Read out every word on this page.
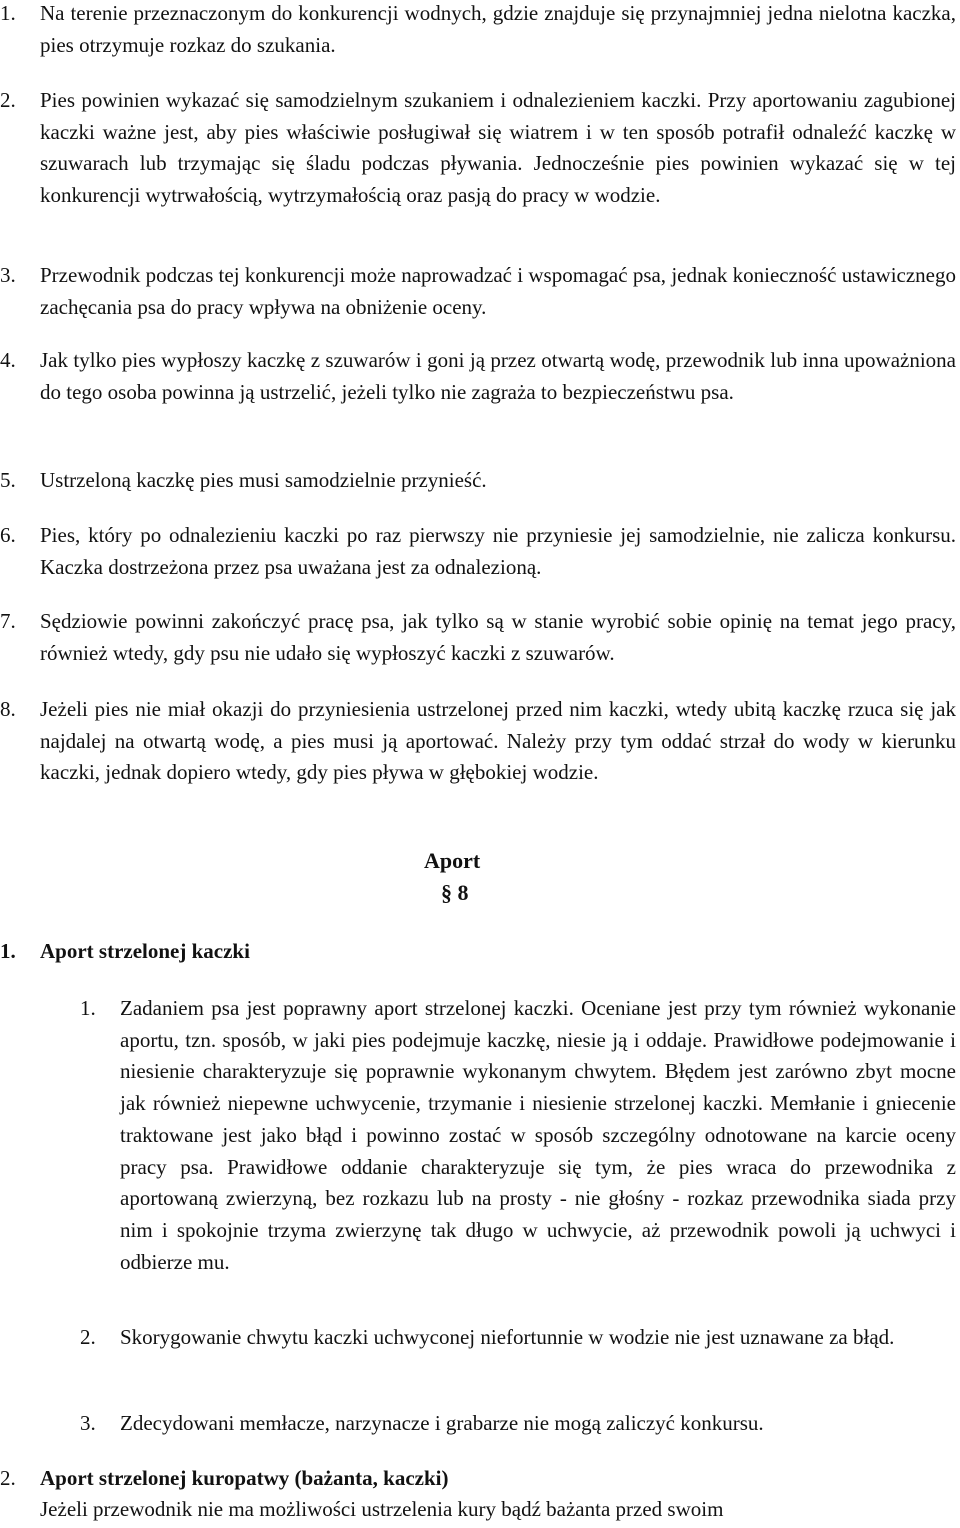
1. Na terenie przeznaczonym do konkurencji wodnych, gdzie znajduje się przynajmniej jedna nielotna kaczka, pies otrzymuje rozkaz do szukania.
2. Pies powinien wykazać się samodzielnym szukaniem i odnalezieniem kaczki. Przy aportowaniu zagubionej kaczki ważne jest, aby pies właściwie posługiwał się wiatrem i w ten sposób potrafił odnaleźć kaczkę w szuwarach lub trzymając się śladu podczas pływania. Jednocześnie pies powinien wykazać się w tej konkurencji wytrwałością, wytrzymałością oraz pasją do pracy w wodzie.
3. Przewodnik podczas tej konkurencji może naprowadzać i wspomagać psa, jednak konieczność ustawicznego zachęcania psa do pracy wpływa na obniżenie oceny.
4. Jak tylko pies wypłoszy kaczkę z szuwarów i goni ją przez otwartą wodę, przewodnik lub inna upoważniona do tego osoba powinna ją ustrzelić, jeżeli tylko nie zagraża to bezpieczeństwu psa.
5. Ustrzeloną kaczkę pies musi samodzielnie przynieść.
6. Pies, który po odnalezieniu kaczki po raz pierwszy nie przyniesie jej samodzielnie, nie zalicza konkursu. Kaczka dostrzeżona przez psa uważana jest za odnalezioną.
7. Sędziowie powinni zakończyć pracę psa, jak tylko są w stanie wyrobić sobie opinię na temat jego pracy, również wtedy, gdy psu nie udało się wypłoszyć kaczki z szuwarów.
8. Jeżeli pies nie miał okazji do przyniesienia ustrzelonej przed nim kaczki, wtedy ubitą kaczkę rzuca się jak najdalej na otwartą wodę, a pies musi ją aportować. Należy przy tym oddać strzał do wody w kierunku kaczki, jednak dopiero wtedy, gdy pies pływa w głębokiej wodzie.
Aport
§ 8
1. Aport strzelonej kaczki
1. Zadaniem psa jest poprawny aport strzelonej kaczki. Oceniane jest przy tym również wykonanie aportu, tzn. sposób, w jaki pies podejmuje kaczkę, niesie ją i oddaje. Prawidłowe podejmowanie i niesienie charakteryzuje się poprawnie wykonanym chwytem. Błędem jest zarówno zbyt mocne jak również niepewne uchwycenie, trzymanie i niesienie strzelonej kaczki. Memłanie i gniecenie traktowane jest jako błąd i powinno zostać w sposób szczególny odnotowane na karcie oceny pracy psa. Prawidłowe oddanie charakteryzuje się tym, że pies wraca do przewodnika z aportowaną zwierzyną, bez rozkazu lub na prosty - nie głośny - rozkaz przewodnika siada przy nim i spokojnie trzyma zwierzynę tak długo w uchwycie, aż przewodnik powoli ją uchwyci i odbierze mu.
2. Skorygowanie chwytu kaczki uchwyconej niefortunnie w wodzie nie jest uznawane za błąd.
3. Zdecydowani memłacze, narzynacze i grabarze nie mogą zaliczyć konkursu.
2. Aport strzelonej kuropatwy (bażanta, kaczki)
Jeżeli przewodnik nie ma możliwości ustrzelenia kury bądź bażanta przed swoim
